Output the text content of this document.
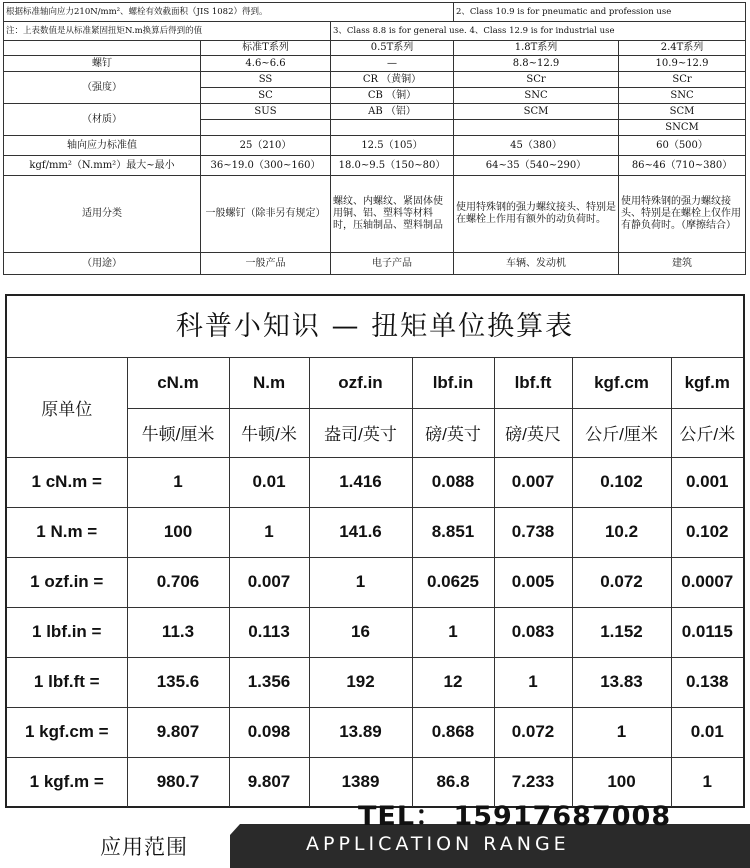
根据标准轴向应力210N/mm²、螺栓有效截面积（JIS 1082）得到。			2、Class 10.9 is for pneumatic and profession use	
注：上表数值是从标准紧固扭矩N.m换算后得到的值		3、Class 8.8 is for general use. 4、Class 12.9 is for industrial use		
	标准T系列	0.5T系列	1.8T系列	2.4T系列
螺钉	4.6~6.6	—	8.8~12.9	10.9~12.9
（强度）	SS	CR （黄铜）	SCr	SCr
	SC	CB （铜）	SNC	SNC
（材质）	SUS	AB （铝）	SCM	SCM
				SNCM
轴向应力标准值	25（210）	12.5（105）	45（380）	60（500）
kgf/mm²（N.mm²）最大~最小	36~19.0（300~160）	18.0~9.5（150~80）	64~35（540~290）	86~46（710~380）
适用分类	一般螺钉（除非另有规定）	螺纹、内螺纹、紧固体使用铜、铝、塑料等材料时，压轴制品、塑料制品	使用特殊钢的强力螺纹接头、特别是在螺栓上作用有额外的动负荷时。	使用特殊钢的强力螺纹接头、特别是在螺栓上仅作用有静负荷时。（摩擦结合）
（用途）	一般产品	电子产品	车辆、发动机	建筑
科普小知识 — 扭矩单位换算表
原单位	cN.m	N.m	ozf.in	lbf.in	lbf.ft	kgf.cm	kgf.m
	牛顿/厘米	牛顿/米	盎司/英寸	磅/英寸	磅/英尺	公斤/厘米	公斤/米
1 cN.m =	1	0.01	1.416	0.088	0.007	0.102	0.001
1 N.m =	100	1	141.6	8.851	0.738	10.2	0.102
1 ozf.in =	0.706	0.007	1	0.0625	0.005	0.072	0.0007
1 lbf.in =	11.3	0.113	16	1	0.083	1.152	0.0115
1 lbf.ft =	135.6	1.356	192	12	1	13.83	0.138
1 kgf.cm =	9.807	0.098	13.89	0.868	0.072	1	0.01
1 kgf.m =	980.7	9.807	1389	86.8	7.233	100	1
TEL： 15917687008
应用范围	APPLICATION RANGE
